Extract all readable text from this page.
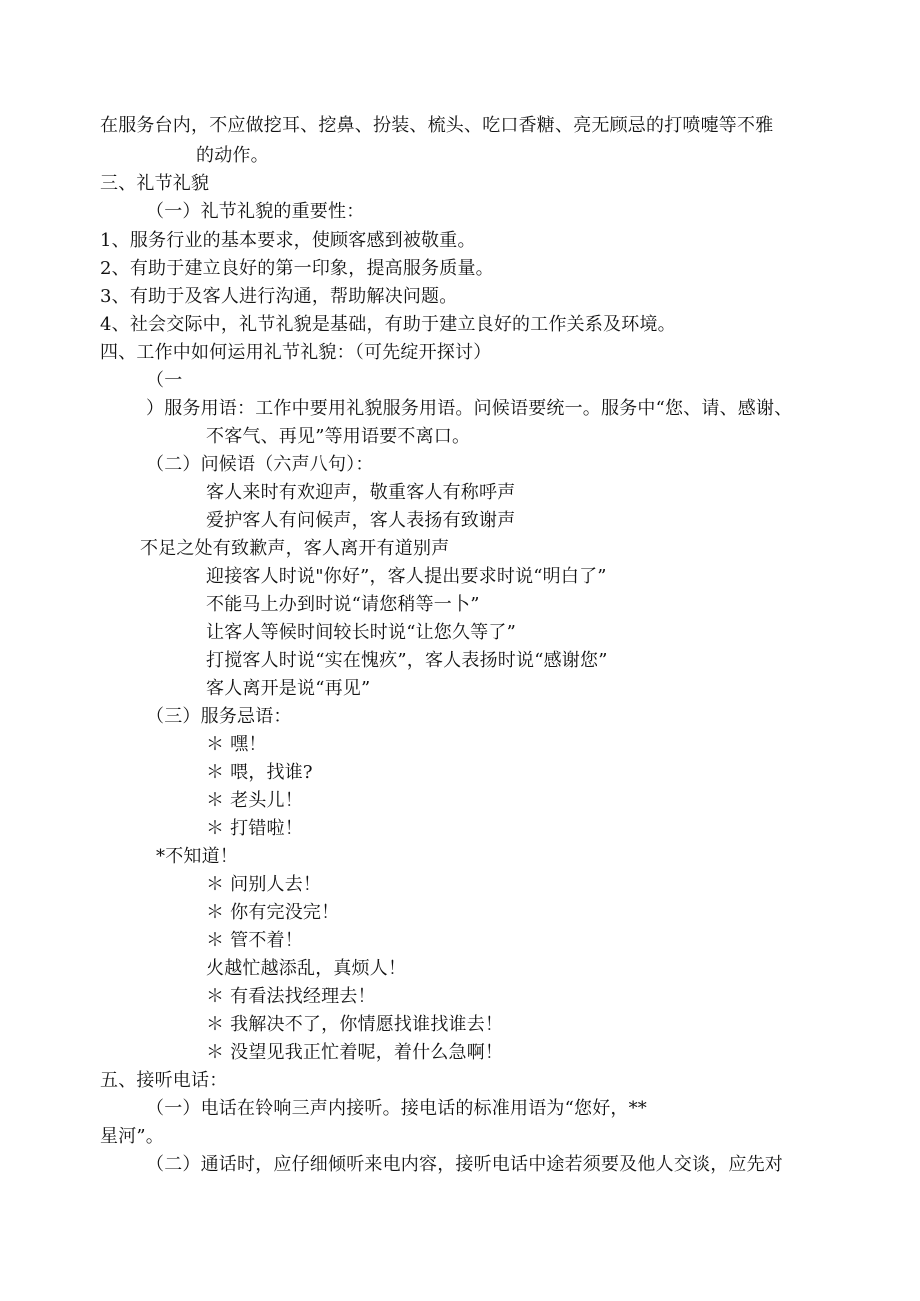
在服务台内，不应做挖耳、挖鼻、扮装、梳头、吃口香糖、亮无顾忌的打喷嚏等不雅
的动作。
三、礼节礼貌
（一）礼节礼貌的重要性：
1、服务行业的基本要求，使顾客感到被敬重。
2、有助于建立良好的第一印象，提高服务质量。
3、有助于及客人进行沟通，帮助解决问题。
4、社会交际中，礼节礼貌是基础，有助于建立良好的工作关系及环境。
四、工作中如何运用礼节礼貌：（可先绽开探讨）
（一
）服务用语：工作中要用礼貌服务用语。问候语要统一。服务中“您、请、感谢、
不客气、再见”等用语要不离口。
（二）问候语（六声八句）：
客人来时有欢迎声，敬重客人有称呼声
爱护客人有问候声，客人表扬有致谢声
不足之处有致歉声，客人离开有道别声
迎接客人时说"你好”，客人提出要求时说“明白了”
不能马上办到时说“请您稍等一卜”
让客人等候时间较长时说“让您久等了”
打搅客人时说“实在愧疚”，客人表扬时说“感谢您”
客人离开是说“再见”
（三）服务忌语：
＊ 嘿！
＊ 喂，找谁?
＊ 老头儿！
＊ 打错啦！
*不知道！
＊ 问别人去！
＊ 你有完没完！
＊ 管不着！
火越忙越添乱，真烦人！
＊ 有看法找经理去！
＊ 我解决不了，你情愿找谁找谁去！
＊ 没望见我正忙着呢，着什么急啊！
五、接听电话：
（一）电话在铃响三声内接听。接电话的标准用语为“您好，**
星河”。
（二）通话时，应仔细倾听来电内容，接听电话中途若须要及他人交谈，应先对
